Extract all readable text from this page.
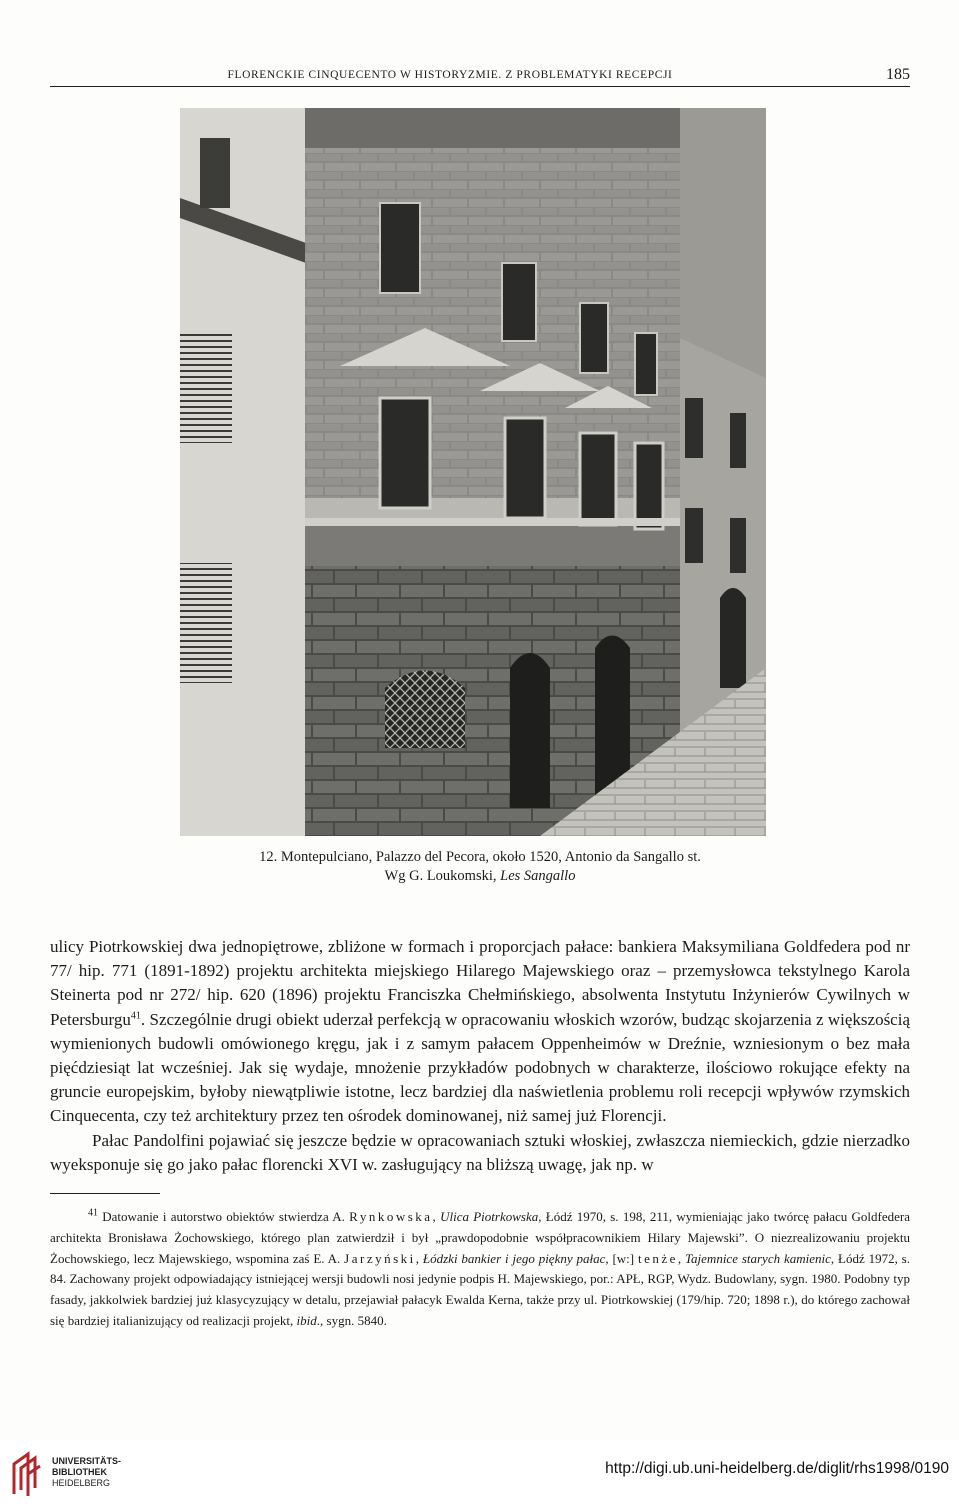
FLORENCKIE CINQUECENTO W HISTORYZMIE. Z PROBLEMATYKI RECEPCJI	185
12. Montepulciano, Palazzo del Pecora, około 1520, Antonio da Sangallo st.
Wg G. Loukomski, Les Sangallo

ulicy Piotrkowskiej dwa jednopiętrowe, zbliżone w formach i proporcjach pałace: bankiera Maksymiliana Goldfedera pod nr 77/ hip. 771 (1891-1892) projektu architekta miejskiego Hilarego Majewskiego oraz – przemysłowca tekstylnego Karola Steinerta pod nr 272/ hip. 620 (1896) projektu Franciszka Chełmińskiego, absolwenta Instytutu Inżynierów Cywilnych w Petersburgu$^{41}$. Szczególnie drugi obiekt uderzał perfekcją w opracowaniu włoskich wzorów, budząc skojarzenia z większością wymienionych budowli omówionego kręgu, jak i z samym pałacem Oppenheimów w Dreźnie, wzniesionym o bez mała pięćdziesiąt lat wcześniej. Jak się wydaje, mnożenie przykładów podobnych w charakterze, ilościowo rokujące efekty na gruncie europejskim, byłoby niewątpliwie istotne, lecz bardziej dla naświetlenia problemu roli recepcji wpływów rzymskich Cinquecenta, czy też architektury przez ten ośrodek dominowanej, niż samej już Florencji.

Pałac Pandolfini pojawiać się jeszcze będzie w opracowaniach sztuki włoskiej, zwłaszcza niemieckich, gdzie nierzadko wyeksponuje się go jako pałac florencki XVI w. zasługujący na bliższą uwagę, jak np. w

$^{41}$ Datowanie i autorstwo obiektów stwierdza A. Rynkowska, Ulica Piotrkowska, Łódź 1970, s. 198, 211, wymieniając jako twórcę pałacu Goldfedera architekta Bronisława Żochowskiego, którego plan zatwierdził i był „prawdopodobnie współpracownikiem Hilary Majewski”. O niezrealizowaniu projektu Żochowskiego, lecz Majewskiego, wspomina zaś E. A. Jarzyński, Łódzki bankier i jego piękny pałac, [w:] tenże, Tajemnice starych kamienic, Łódź 1972, s. 84. Zachowany projekt odpowiadający istniejącej wersji budowli nosi jedynie podpis H. Majewskiego, por.: APŁ, RGP, Wydz. Budowlany, sygn. 1980. Podobny typ fasady, jakkolwiek bardziej już klasycyzujący w detalu, przejawiał pałacyk Ewalda Kerna, także przy ul. Piotrkowskiej (179/hip. 720; 1898 r.), do którego zachował się bardziej italianizujący od realizacji projekt, ibid., sygn. 5840.

UNIVERSITÄTS-
BIBLIOTHEK
HEIDELBERG
http://digi.ub.uni-heidelberg.de/diglit/rhs1998/0190
